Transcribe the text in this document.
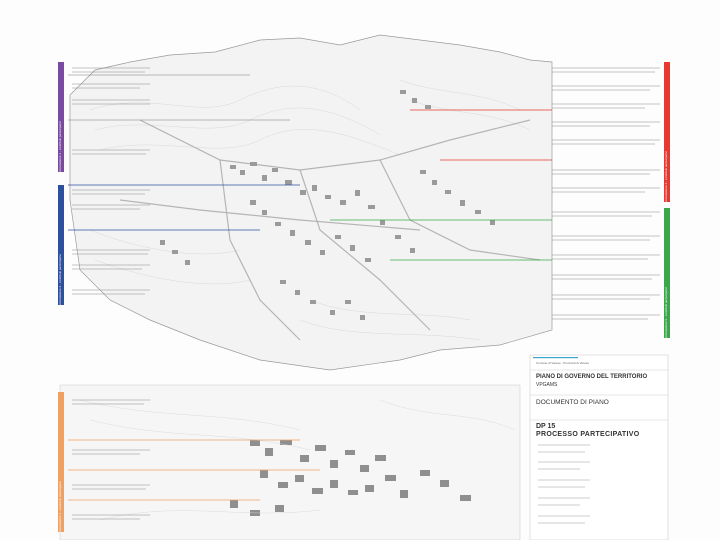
Annotazione 1 - contributi partecipativi
Annotazione 2 - contributi partecipativi
Annotazione 3 - contributi partecipativi
Annotazione 4 - contributi partecipativi
Annotazione 5 - contributi partecipativi
Comune di Varese · Provincia di Varese
PIANO DI GOVERNO DEL TERRITORIO
VPGAMS
DOCUMENTO DI PIANO
DP 15
PROCESSO PARTECIPATIVO
